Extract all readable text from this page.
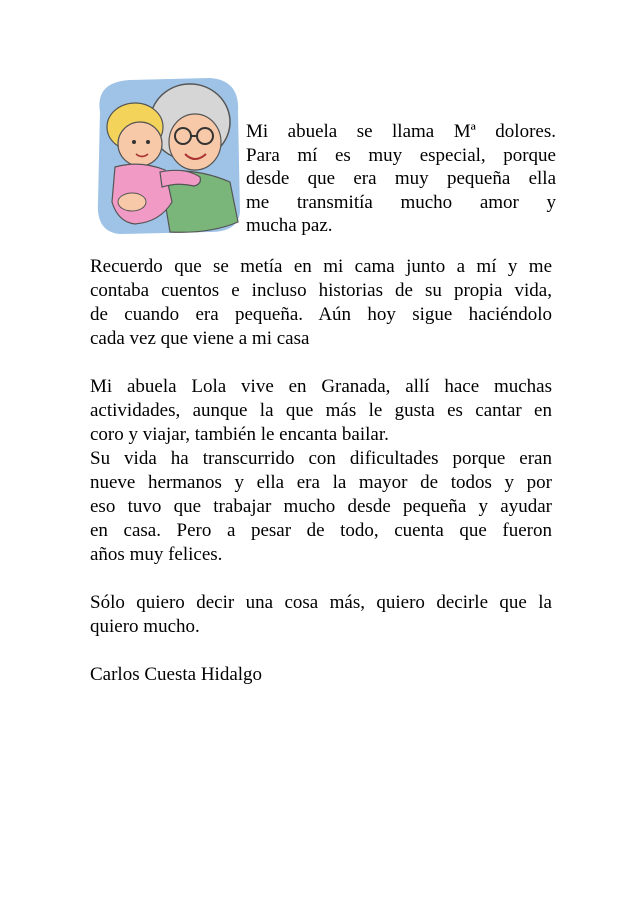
Mi abuela se llama Mª dolores.
Para mí es muy especial, porque
desde que era muy pequeña ella
me transmitía mucho amor y
mucha paz.
Recuerdo que se metía en mi cama junto a mí y me
contaba cuentos e incluso historias de su propia vida,
de cuando era pequeña. Aún hoy sigue haciéndolo
cada vez que viene a mi casa
Mi abuela Lola vive en Granada, allí hace muchas
actividades, aunque la que más le gusta es cantar en
coro y viajar, también le encanta bailar.
Su vida ha transcurrido con dificultades porque eran
nueve hermanos y ella era la mayor de todos y por
eso tuvo que trabajar mucho desde pequeña y ayudar
en casa. Pero a pesar de todo, cuenta que fueron
años muy felices.
Sólo quiero decir una cosa más, quiero decirle que la
quiero mucho.
Carlos Cuesta Hidalgo
